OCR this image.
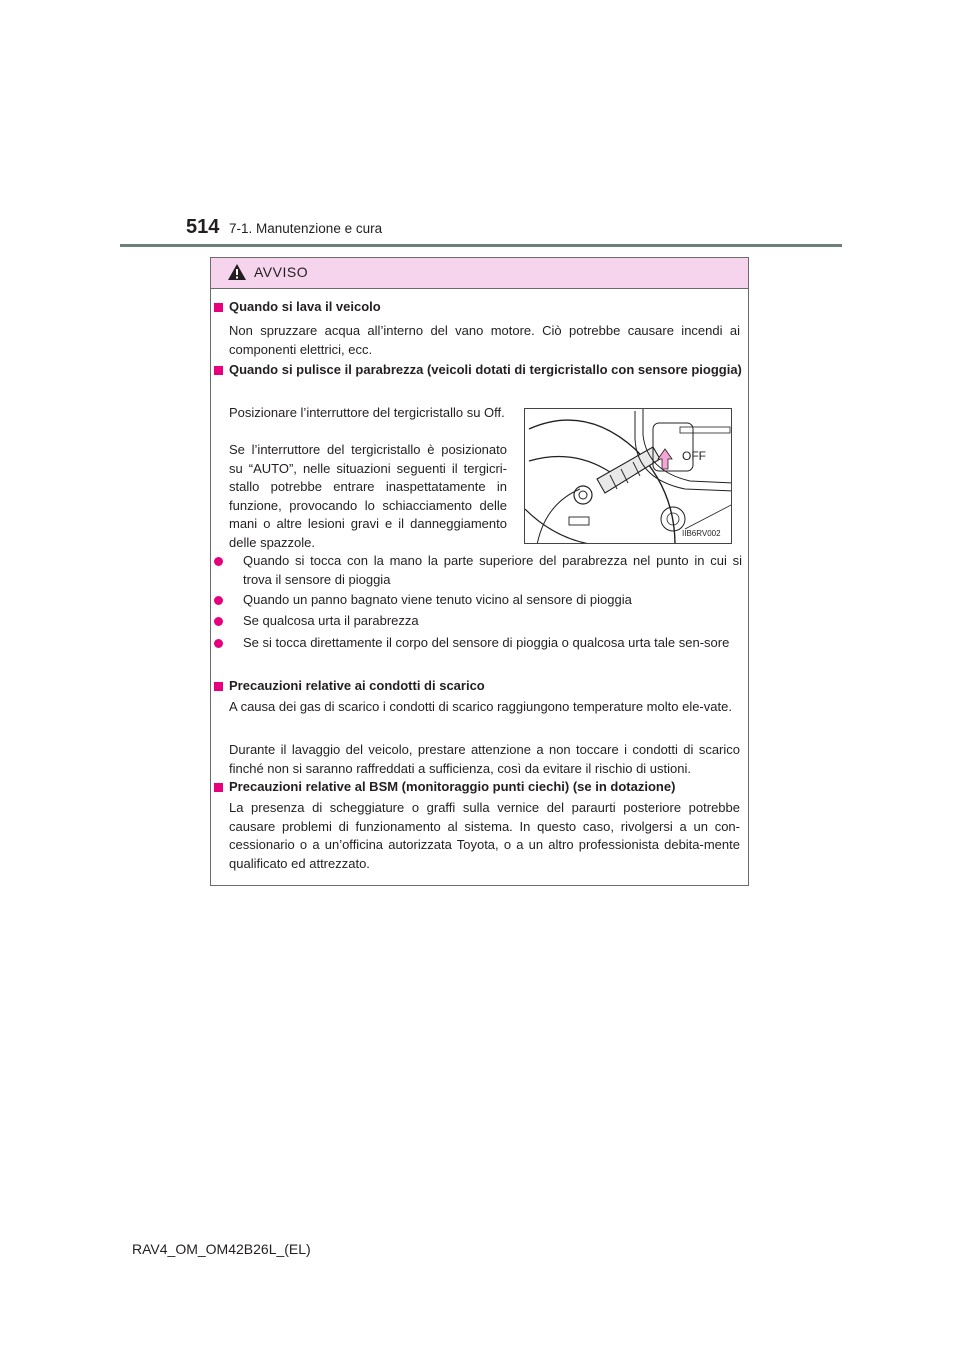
514 7-1. Manutenzione e cura
AVVISO
Quando si lava il veicolo
Non spruzzare acqua all’interno del vano motore. Ciò potrebbe causare incendi ai componenti elettrici, ecc.
Quando si pulisce il parabrezza (veicoli dotati di tergicristallo con sensore pioggia)
Posizionare l’interruttore del tergicristallo su Off.
Se l’interruttore del tergicristallo è posizionato su “AUTO”, nelle situazioni seguenti il tergicri-stallo potrebbe entrare inaspettatamente in funzione, provocando lo schiacciamento delle mani o altre lesioni gravi e il danneggiamento delle spazzole.
OFF
IIB6RV002
Quando si tocca con la mano la parte superiore del parabrezza nel punto in cui si trova il sensore di pioggia
Quando un panno bagnato viene tenuto vicino al sensore di pioggia
Se qualcosa urta il parabrezza
Se si tocca direttamente il corpo del sensore di pioggia o qualcosa urta tale sen-sore
Precauzioni relative ai condotti di scarico
A causa dei gas di scarico i condotti di scarico raggiungono temperature molto ele-vate.
Durante il lavaggio del veicolo, prestare attenzione a non toccare i condotti di scarico finché non si saranno raffreddati a sufficienza, così da evitare il rischio di ustioni.
Precauzioni relative al BSM (monitoraggio punti ciechi) (se in dotazione)
La presenza di scheggiature o graffi sulla vernice del paraurti posteriore potrebbe causare problemi di funzionamento al sistema. In questo caso, rivolgersi a un con-cessionario o a un’officina autorizzata Toyota, o a un altro professionista debita-mente qualificato ed attrezzato.
RAV4_OM_OM42B26L_(EL)
